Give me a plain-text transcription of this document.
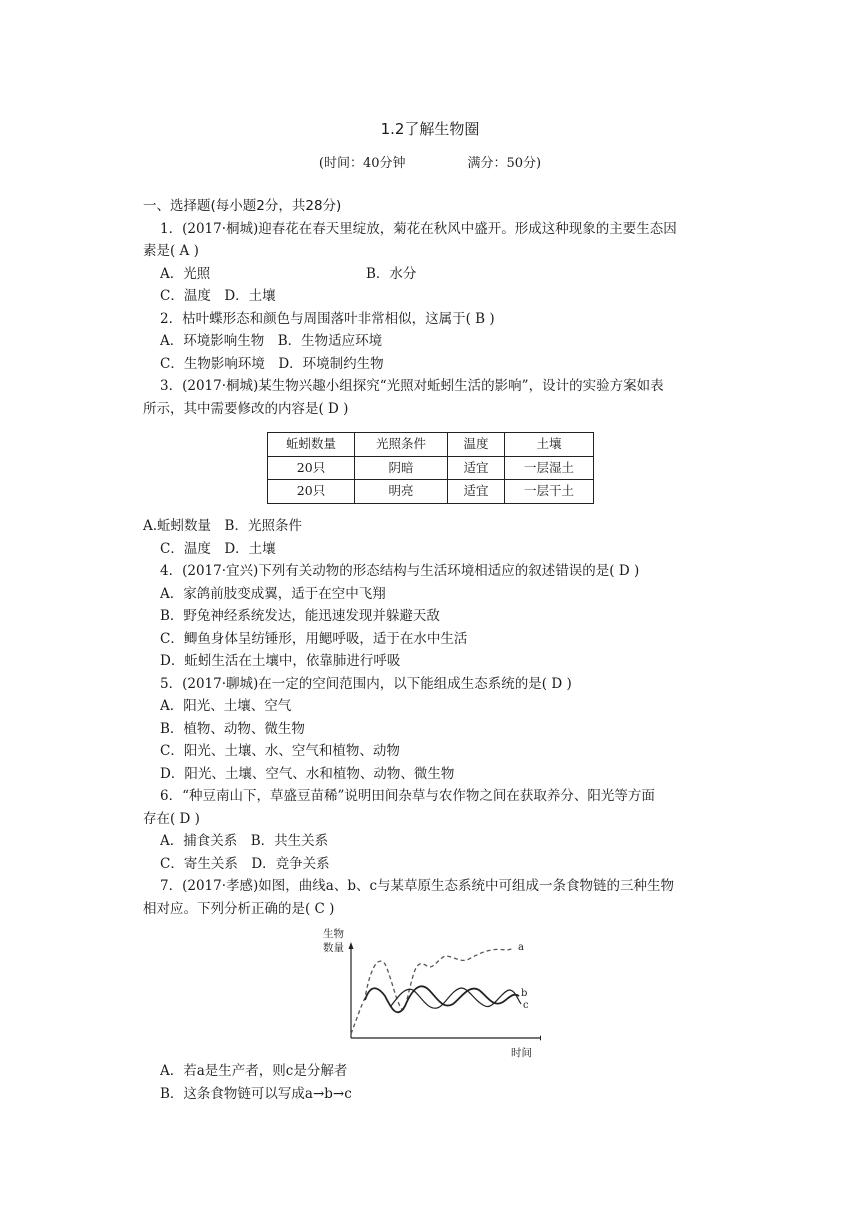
1.2了解生物圈
(时间：40分钟	满分：50分)
一、选择题(每小题2分，共28分)
1．(2017·桐城)迎春花在春天里绽放，菊花在秋风中盛开。形成这种现象的主要生态因
素是( A )
A．光照	B．水分
C．温度　D．土壤
2．枯叶蝶形态和颜色与周围落叶非常相似，这属于( B )
A．环境影响生物　B．生物适应环境
C．生物影响环境　D．环境制约生物
3．(2017·桐城)某生物兴趣小组探究“光照对蚯蚓生活的影响”，设计的实验方案如表
所示，其中需要修改的内容是( D )
蚯蚓数量	光照条件	温度	土壤
20只	阴暗	适宜	一层湿土
20只	明亮	适宜	一层干土
A.蚯蚓数量　B．光照条件
C．温度　D．土壤
4．(2017·宜兴)下列有关动物的形态结构与生活环境相适应的叙述错误的是( D )
A．家鸽前肢变成翼，适于在空中飞翔
B．野兔神经系统发达，能迅速发现并躲避天敌
C．鲫鱼身体呈纺锤形，用鳃呼吸，适于在水中生活
D．蚯蚓生活在土壤中，依靠肺进行呼吸
5．(2017·聊城)在一定的空间范围内，以下能组成生态系统的是( D )
A．阳光、土壤、空气
B．植物、动物、微生物
C．阳光、土壤、水、空气和植物、动物
D．阳光、土壤、空气、水和植物、动物、微生物
6．“种豆南山下，草盛豆苗稀”说明田间杂草与农作物之间在获取养分、阳光等方面
存在( D )
A．捕食关系　B．共生关系
C．寄生关系　D．竞争关系
7．(2017·孝感)如图，曲线a、b、c与某草原生态系统中可组成一条食物链的三种生物
相对应。下列分析正确的是( C )
生物
数量
时间
a
b
c
A．若a是生产者，则c是分解者
B．这条食物链可以写成a→b→c
